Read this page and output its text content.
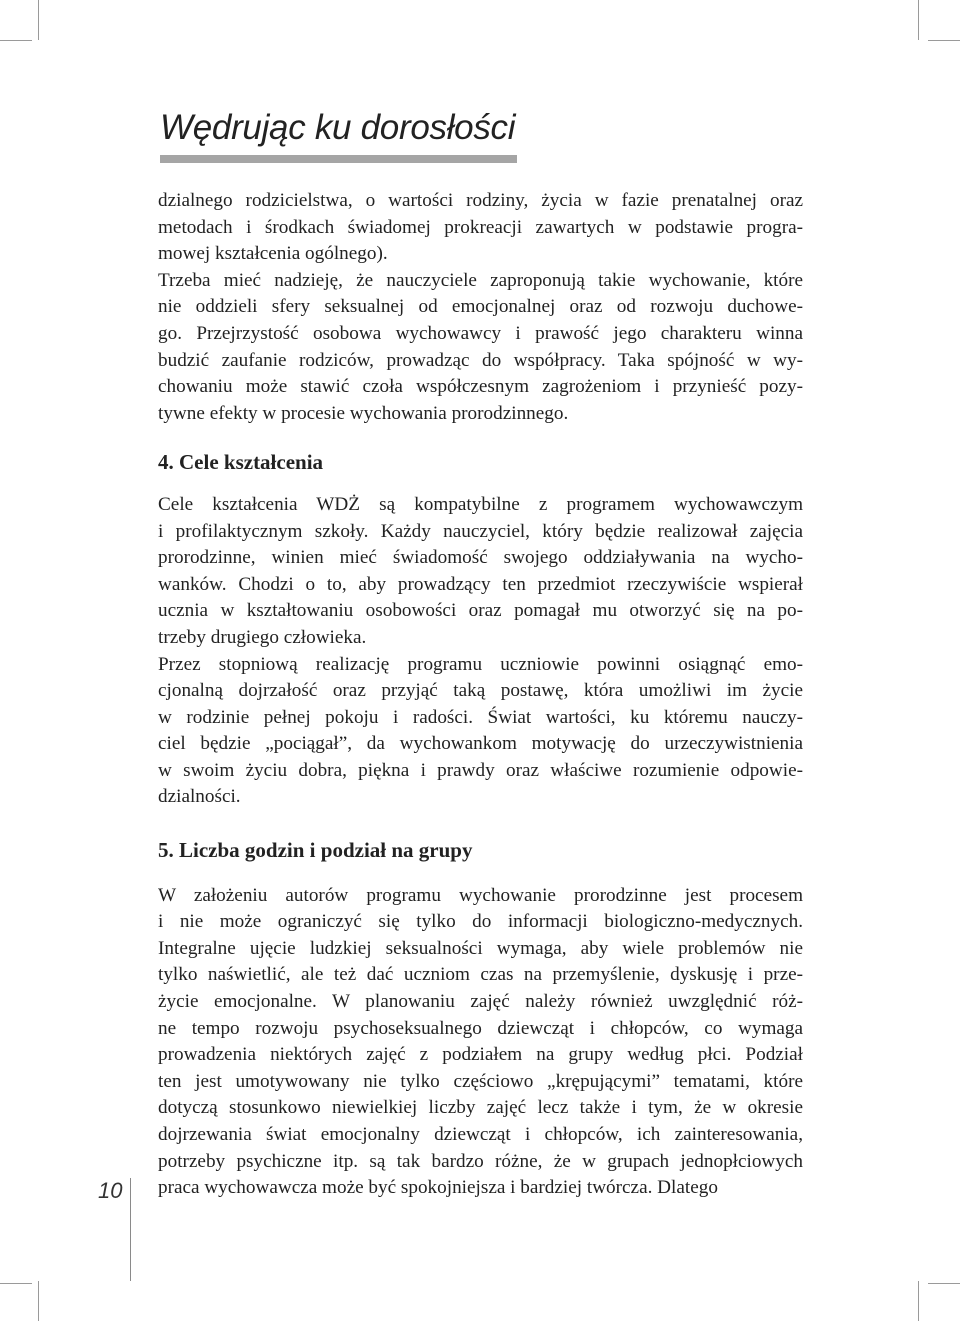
Wędrując ku dorosłości

dzialnego rodzicielstwa, o wartości rodziny, życia w fazie prenatalnej oraz
metodach i środkach świadomej prokreacji zawartych w podstawie progra-
mowej kształcenia ogólnego).

Trzeba mieć nadzieję, że nauczyciele zaproponują takie wychowanie, które
nie oddzieli sfery seksualnej od emocjonalnej oraz od rozwoju duchowe-
go. Przejrzystość osobowa wychowawcy i prawość jego charakteru winna
budzić zaufanie rodziców, prowadząc do współpracy. Taka spójność w wy-
chowaniu może stawić czoła współczesnym zagrożeniom i przynieść pozy-
tywne efekty w procesie wychowania prorodzinnego.

4. Cele kształcenia

Cele kształcenia WDŻ są kompatybilne z programem wychowawczym
i profilaktycznym szkoły. Każdy nauczyciel, który będzie realizował zajęcia
prorodzinne, winien mieć świadomość swojego oddziaływania na wycho-
wanków. Chodzi o to, aby prowadzący ten przedmiot rzeczywiście wspierał
ucznia w kształtowaniu osobowości oraz pomagał mu otworzyć się na po-
trzeby drugiego człowieka.

Przez stopniową realizację programu uczniowie powinni osiągnąć emo-
cjonalną dojrzałość oraz przyjąć taką postawę, która umożliwi im życie
w rodzinie pełnej pokoju i radości. Świat wartości, ku któremu nauczy-
ciel będzie „pociągał”, da wychowankom motywację do urzeczywistnienia
w swoim życiu dobra, piękna i prawdy oraz właściwe rozumienie odpowie-
dzialności.

5. Liczba godzin i podział na grupy

W założeniu autorów programu wychowanie prorodzinne jest procesem
i nie może ograniczyć się tylko do informacji biologiczno-medycznych.
Integralne ujęcie ludzkiej seksualności wymaga, aby wiele problemów nie
tylko naświetlić, ale też dać uczniom czas na przemyślenie, dyskusję i prze-
życie emocjonalne. W planowaniu zajęć należy również uwzględnić róż-
ne tempo rozwoju psychoseksualnego dziewcząt i chłopców, co wymaga
prowadzenia niektórych zajęć z podziałem na grupy według płci. Podział
ten jest umotywowany nie tylko częściowo „krępującymi” tematami, które
dotyczą stosunkowo niewielkiej liczby zajęć lecz także i tym, że w okresie
dojrzewania świat emocjonalny dziewcząt i chłopców, ich zainteresowania,
potrzeby psychiczne itp. są tak bardzo różne, że w grupach jednopłciowych
praca wychowawcza może być spokojniejsza i bardziej twórcza. Dlatego

10
